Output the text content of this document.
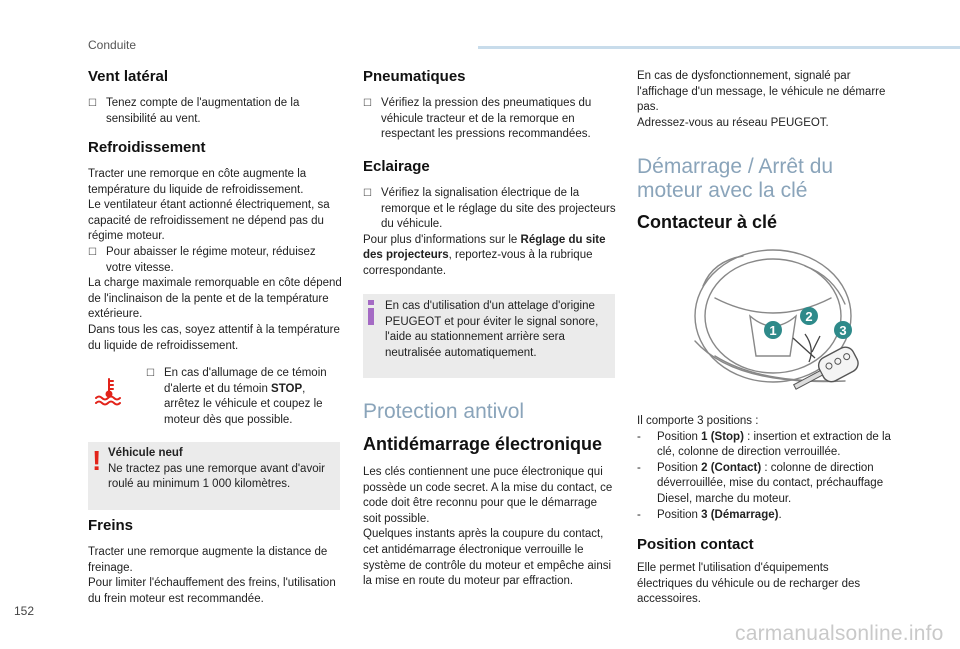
Conduite
Vent latéral
☐ Tenez compte de l'augmentation de la sensibilité au vent.
Refroidissement
Tracter une remorque en côte augmente la température du liquide de refroidissement.
Le ventilateur étant actionné électriquement, sa capacité de refroidissement ne dépend pas du régime moteur.
☐ Pour abaisser le régime moteur, réduisez votre vitesse.
La charge maximale remorquable en côte dépend de l'inclinaison de la pente et de la température extérieure.
Dans tous les cas, soyez attentif à la température du liquide de refroidissement.
☐ En cas d'allumage de ce témoin d'alerte et du témoin STOP, arrêtez le véhicule et coupez le moteur dès que possible.
! Véhicule neuf
Ne tractez pas une remorque avant d'avoir roulé au minimum 1 000 kilomètres.
Freins
Tracter une remorque augmente la distance de freinage.
Pour limiter l'échauffement des freins, l'utilisation du frein moteur est recommandée.
Pneumatiques
☐ Vérifiez la pression des pneumatiques du véhicule tracteur et de la remorque en respectant les pressions recommandées.
Eclairage
☐ Vérifiez la signalisation électrique de la remorque et le réglage du site des projecteurs du véhicule.
Pour plus d'informations sur le Réglage du site des projecteurs, reportez-vous à la rubrique correspondante.
En cas d'utilisation d'un attelage d'origine PEUGEOT et pour éviter le signal sonore, l'aide au stationnement arrière sera neutralisée automatiquement.
Protection antivol
Antidémarrage électronique
Les clés contiennent une puce électronique qui possède un code secret. A la mise du contact, ce code doit être reconnu pour que le démarrage soit possible.
Quelques instants après la coupure du contact, cet antidémarrage électronique verrouille le système de contrôle du moteur et empêche ainsi la mise en route du moteur par effraction.
En cas de dysfonctionnement, signalé par l'affichage d'un message, le véhicule ne démarre pas.
Adressez-vous au réseau PEUGEOT.
Démarrage / Arrêt du
moteur avec la clé
Contacteur à clé
1
2
3
Il comporte 3 positions :
- Position 1 (Stop) : insertion et extraction de la clé, colonne de direction verrouillée.
- Position 2 (Contact) : colonne de direction déverrouillée, mise du contact, préchauffage Diesel, marche du moteur.
- Position 3 (Démarrage).
Position contact
Elle permet l'utilisation d'équipements électriques du véhicule ou de recharger des accessoires.
152
carmanualsonline.info
